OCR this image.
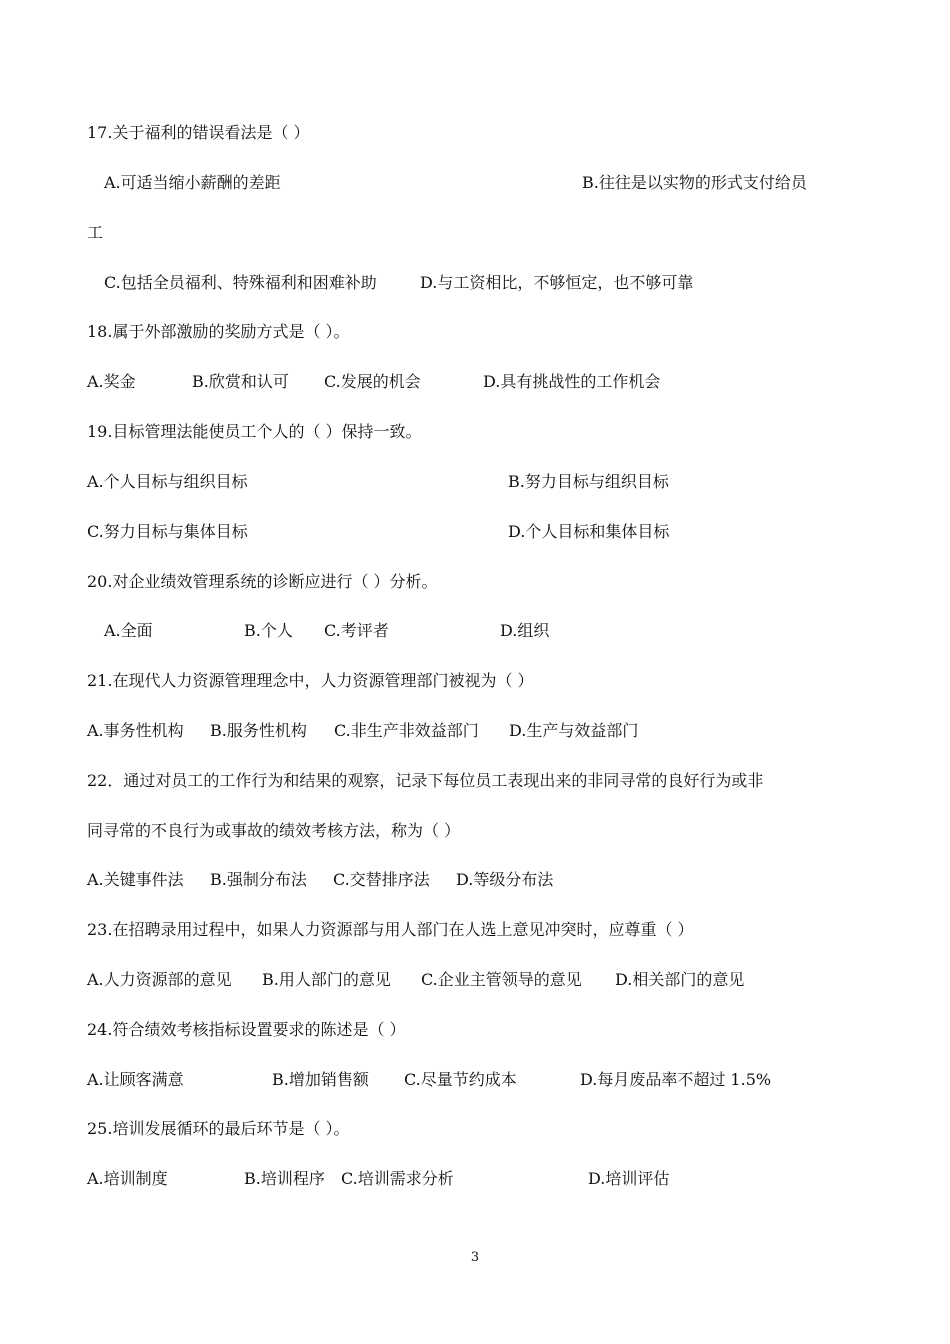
17.关于福利的错误看法是（ ）
A.可适当缩小薪酬的差距	B.往往是以实物的形式支付给员
工
C.包括全员福利、特殊福利和困难补助	D.与工资相比，不够恒定，也不够可靠
18.属于外部激励的奖励方式是（ ）。
A.奖金	B.欣赏和认可 C.发展的机会	D.具有挑战性的工作机会
19.目标管理法能使员工个人的（ ）保持一致。
A.个人目标与组织目标	B.努力目标与组织目标
C.努力目标与集体目标	D.个人目标和集体目标
20.对企业绩效管理系统的诊断应进行（ ）分析。
A.全面	B.个人 C.考评者	D.组织
21.在现代人力资源管理理念中，人力资源管理部门被视为（ ）
A.事务性机构 B.服务性机构 C.非生产非效益部门 D.生产与效益部门
22．通过对员工的工作行为和结果的观察，记录下每位员工表现出来的非同寻常的良好行为或非
同寻常的不良行为或事故的绩效考核方法，称为（ ）
A.关键事件法 B.强制分布法 C.交替排序法 D.等级分布法
23.在招聘录用过程中，如果人力资源部与用人部门在人选上意见冲突时，应尊重（ ）
A.人力资源部的意见 B.用人部门的意见 C.企业主管领导的意见 D.相关部门的意见
24.符合绩效考核指标设置要求的陈述是（ ）
A.让顾客满意	B.增加销售额 C.尽量节约成本	D.每月废品率不超过 1.5%
25.培训发展循环的最后环节是（ ）。
A.培训制度	B.培训程序 C.培训需求分析	D.培训评估
3
